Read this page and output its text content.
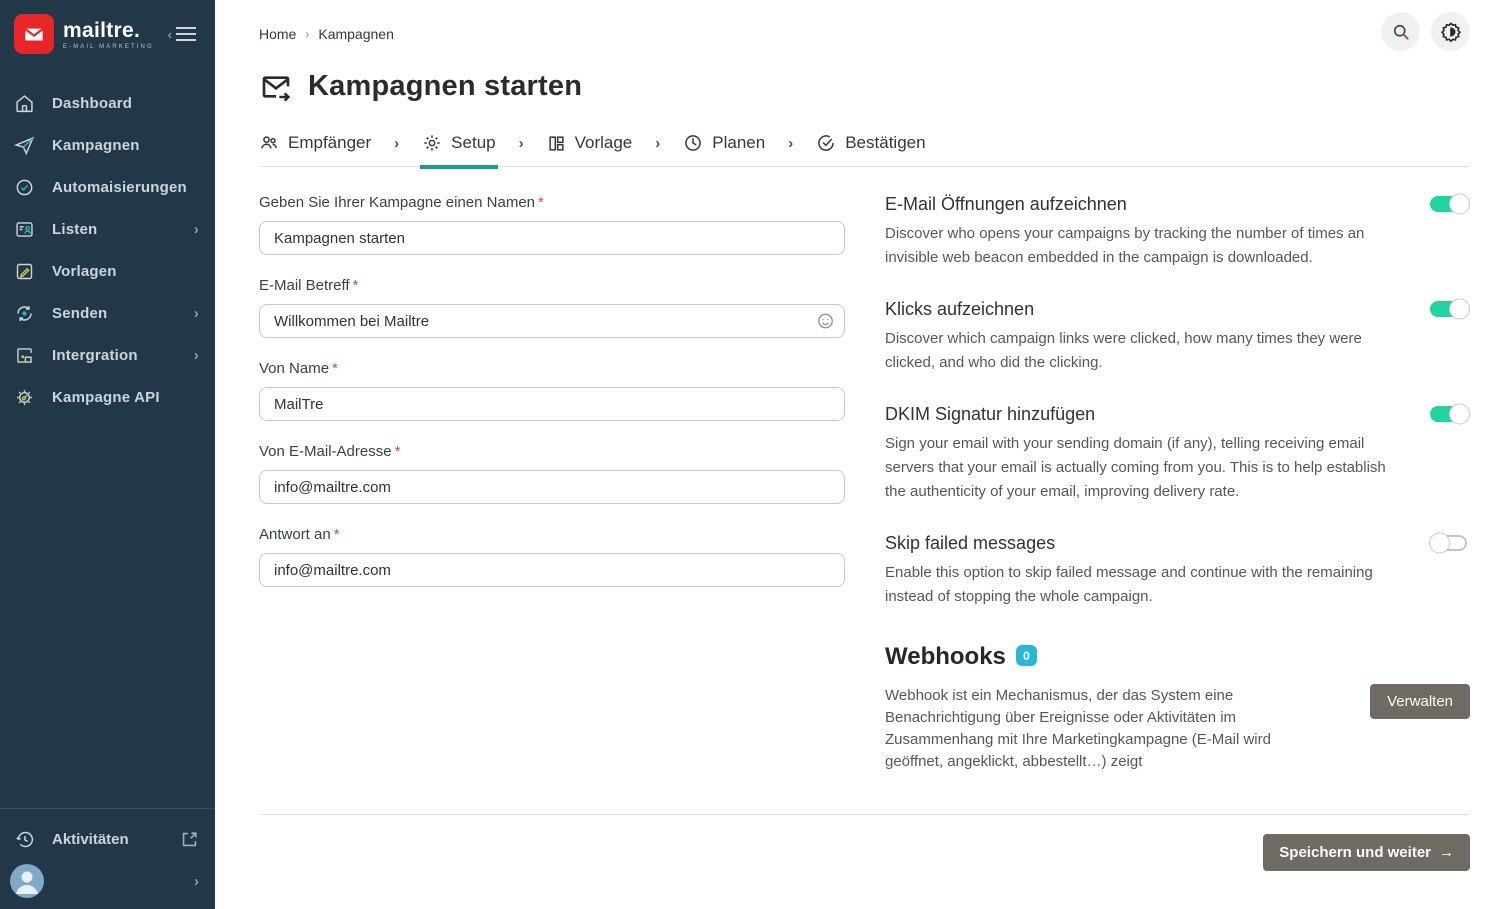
mailtre.
E-MAIL MARKETING
‹
Dashboard
Kampagnen
Automaisierungen
Listen	›
Vorlagen
Senden	›
Intergration	›
Kampagne API
Aktivitäten
›
Home › Kampagnen
Kampagnen starten
Empfänger ›	Setup ›	Vorlage ›	Planen ›	Bestätigen
Geben Sie Ihrer Kampagne einen Namen *
Kampagnen starten
E-Mail Betreff *
Willkommen bei Mailtre
Von Name *
MailTre
Von E-Mail-Adresse *
info@mailtre.com
Antwort an *
info@mailtre.com
E-Mail Öffnungen aufzeichnen
Discover who opens your campaigns by tracking the number of times an invisible web beacon embedded in the campaign is downloaded.
Klicks aufzeichnen
Discover which campaign links were clicked, how many times they were clicked, and who did the clicking.
DKIM Signatur hinzufügen
Sign your email with your sending domain (if any), telling receiving email servers that your email is actually coming from you. This is to help establish the authenticity of your email, improving delivery rate.
Skip failed messages
Enable this option to skip failed message and continue with the remaining instead of stopping the whole campaign.
Webhooks	0
Webhook ist ein Mechanismus, der das System eine Benachrichtigung über Ereignisse oder Aktivitäten im Zusammenhang mit Ihre Marketingkampagne (E-Mail wird geöffnet, angeklickt, abbestellt…) zeigt
Verwalten
Speichern und weiter →
